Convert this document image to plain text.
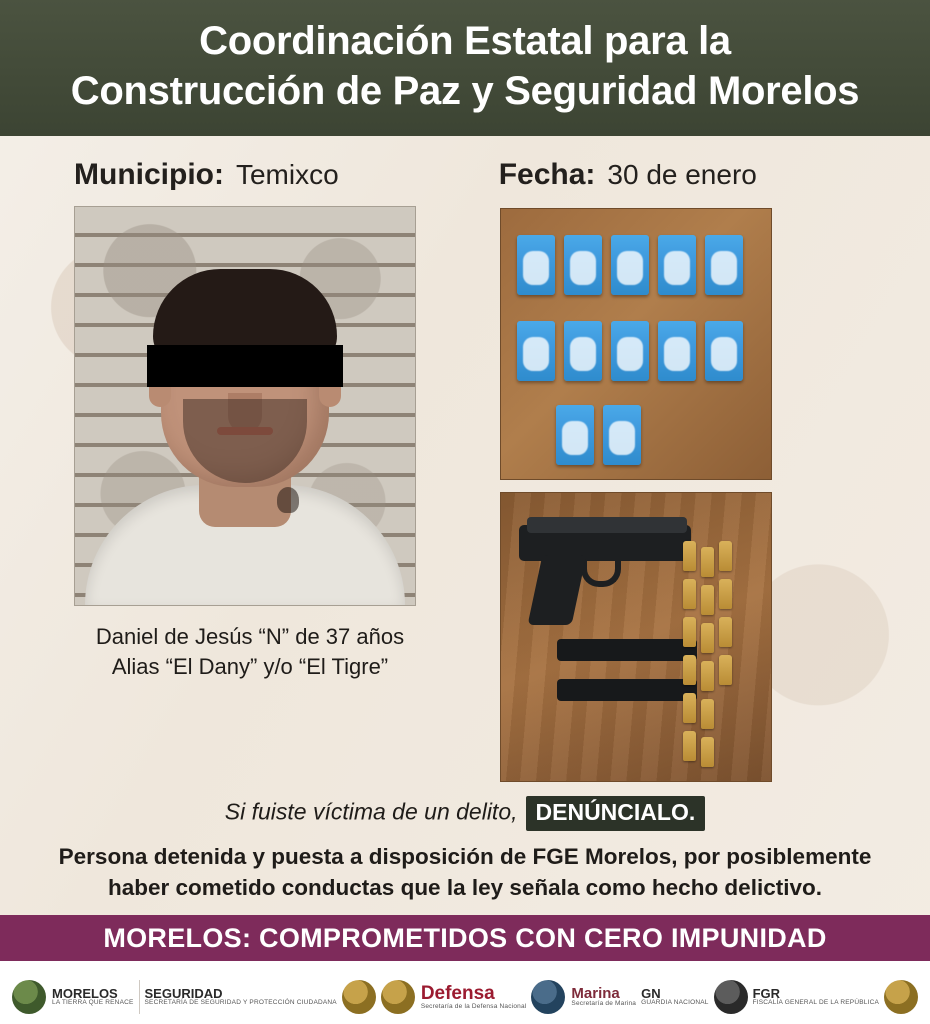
Coordinación Estatal para la
Construcción de Paz y Seguridad Morelos
Municipio: Temixco	Fecha: 30 de enero
Daniel de Jesús “N” de 37 años
Alias “El Dany” y/o “El Tigre”
Si fuiste víctima de un delito, DENÚNCIALO.
Persona detenida y puesta a disposición de FGE Morelos, por posiblemente
haber cometido conductas que la ley señala como hecho delictivo.
MORELOS: COMPROMETIDOS CON CERO IMPUNIDAD
MORELOS
LA TIERRA QUE RENACE
SEGURIDAD
SECRETARÍA DE SEGURIDAD Y PROTECCIÓN CIUDADANA	Defensa
Secretaría de la Defensa Nacional
Marina
Secretaría de Marina
GN
GUARDIA NACIONAL
FGR
FISCALÍA GENERAL DE LA REPÚBLICA
